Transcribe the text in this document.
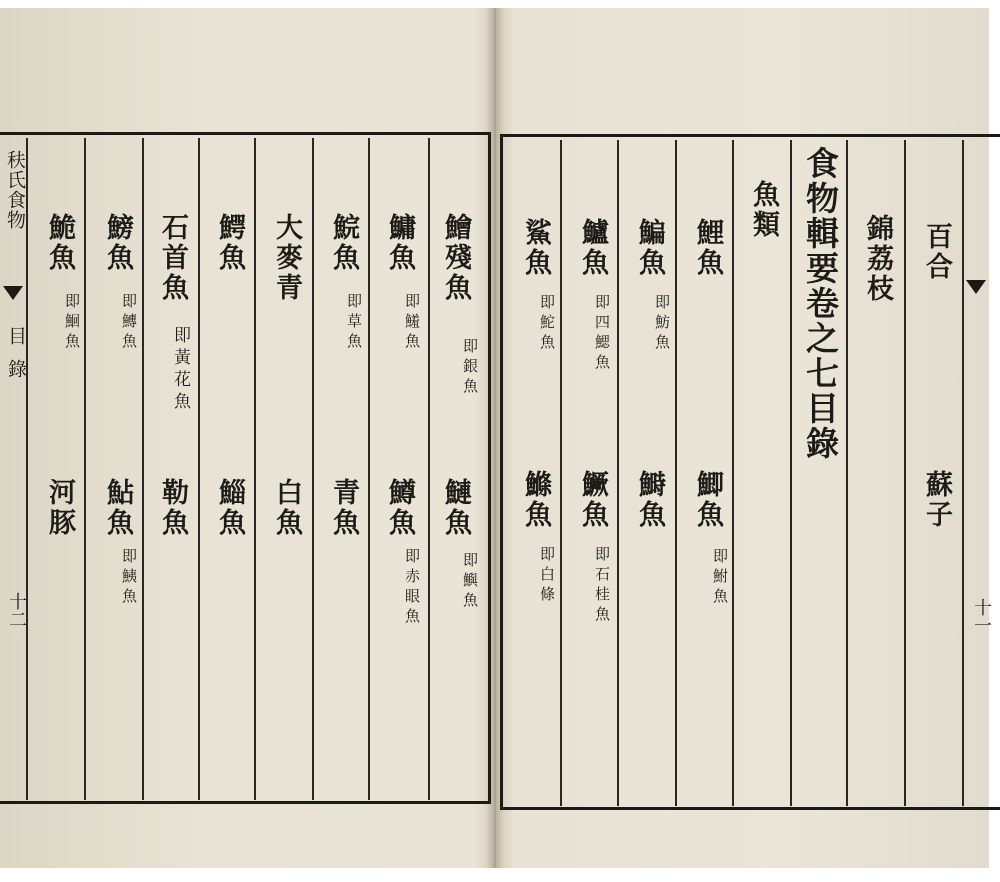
䄮氏食物
目錄
十二
鱠殘魚
即銀魚
鰱魚
即鱮魚
鱅魚
即鱃魚
鱒魚
即赤眼魚
鯇魚
即草魚
青魚
大麥青
白魚
鰐魚
鯔魚
石首魚
即黃花魚
勒魚
鰟魚
即鱄魚
鮎魚
即鮧魚
鮠魚
即鮰魚
河豚
十一
百合
蘇子
錦荔枝
食物輯要卷之七目錄
魚類
鯉魚
鯽魚
即鮒魚
鯿魚
即魴魚
鰣魚
鱸魚
即四鰓魚
鱖魚
即石桂魚
鯊魚
即鮀魚
鰷魚
即白條
